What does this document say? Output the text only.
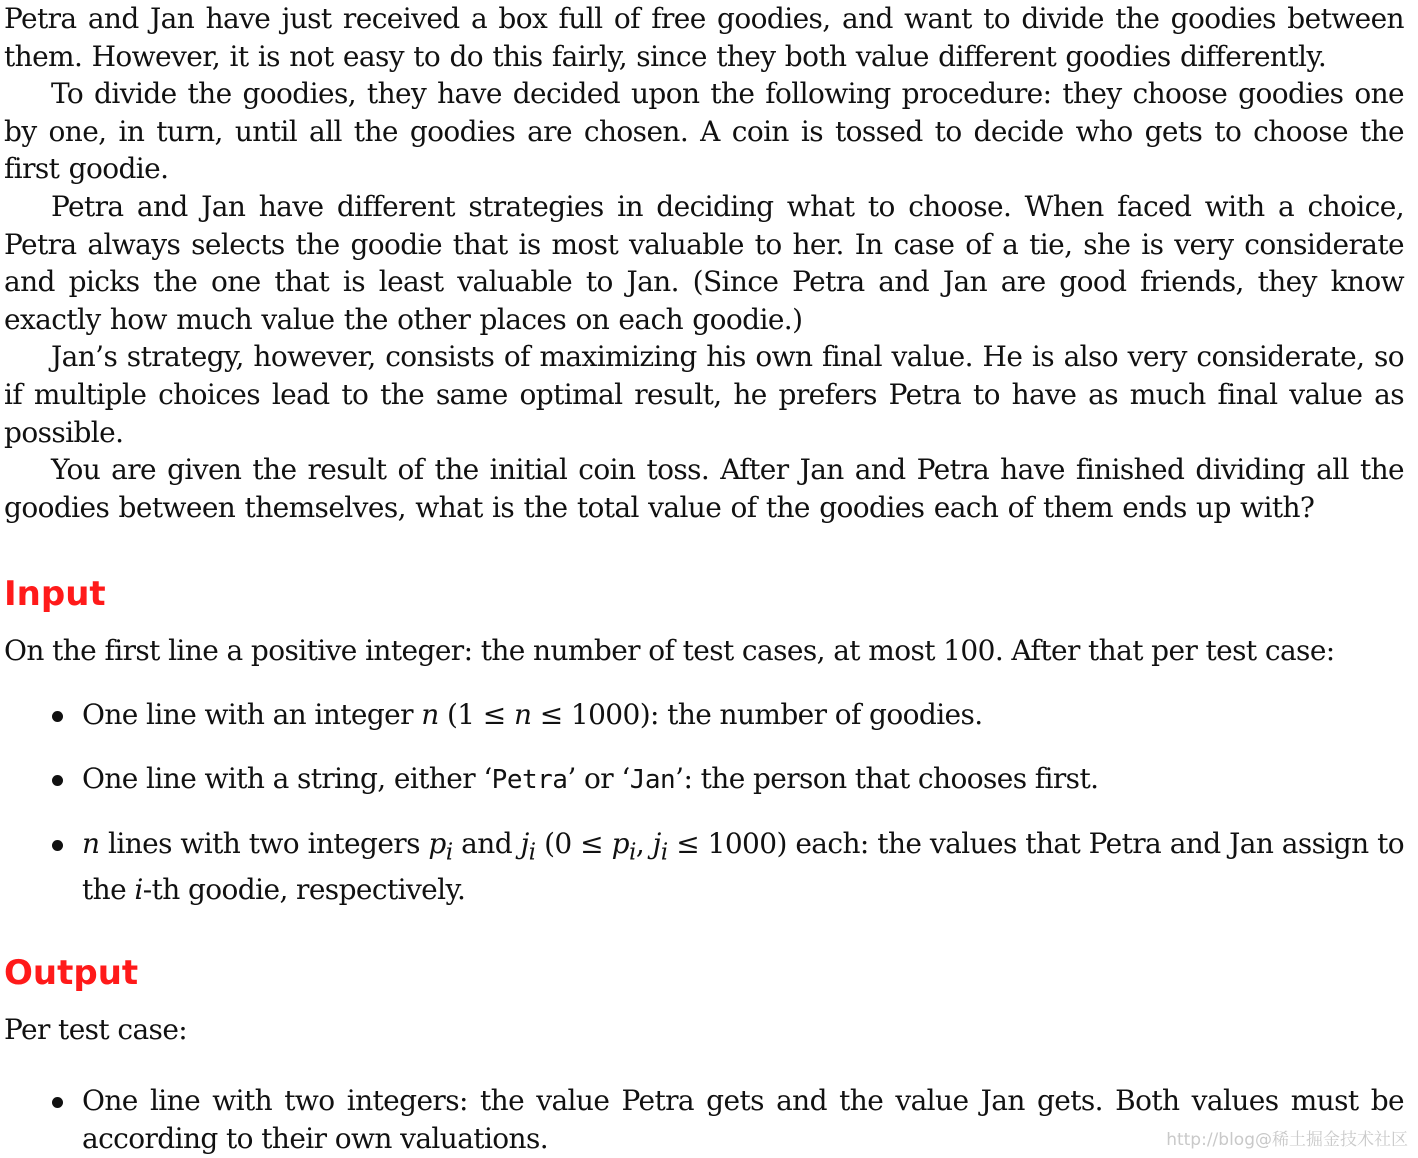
Petra and Jan have just received a box full of free goodies, and want to divide the goodies between them. However, it is not easy to do this fairly, since they both value different goodies differently.

To divide the goodies, they have decided upon the following procedure: they choose goodies one by one, in turn, until all the goodies are chosen. A coin is tossed to decide who gets to choose the first goodie.

Petra and Jan have different strategies in deciding what to choose. When faced with a choice, Petra always selects the goodie that is most valuable to her. In case of a tie, she is very considerate and picks the one that is least valuable to Jan. (Since Petra and Jan are good friends, they know exactly how much value the other places on each goodie.)

Jan’s strategy, however, consists of maximizing his own final value. He is also very considerate, so if multiple choices lead to the same optimal result, he prefers Petra to have as much final value as possible.

You are given the result of the initial coin toss. After Jan and Petra have finished dividing all the goodies between themselves, what is the total value of the goodies each of them ends up with?

Input

On the first line a positive integer: the number of test cases, at most 100. After that per test case:

One line with an integer n (1 ≤ n ≤ 1000): the number of goodies.
One line with a string, either ‘Petra’ or ‘Jan’: the person that chooses first.
n lines with two integers $p_i$ and $j_i$ ($0 \le p_i$, $j_i \le 1000$) each: the values that Petra and Jan assign to the i-th goodie, respectively.
Output

Per test case:

One line with two integers: the value Petra gets and the value Jan gets. Both values must be according to their own valuations.	http://blog@稀土掘金技术社区
